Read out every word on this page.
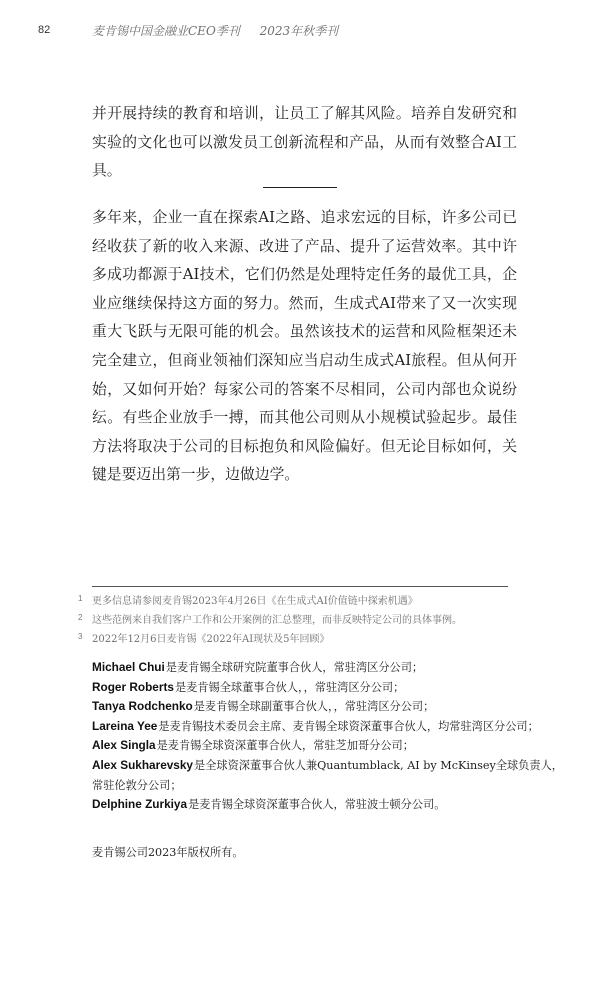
82	麦肯锡中国金融业CEO季刊 2023年秋季刊

并开展持续的教育和培训，让员工了解其风险。培养自发研究和实验的文化也可以激发员工创新流程和产品，从而有效整合AI工具。

多年来，企业一直在探索AI之路、追求宏远的目标，许多公司已经收获了新的收入来源、改进了产品、提升了运营效率。其中许多成功都源于AI技术，它们仍然是处理特定任务的最优工具，企业应继续保持这方面的努力。然而，生成式AI带来了又一次实现重大飞跃与无限可能的机会。虽然该技术的运营和风险框架还未完全建立，但商业领袖们深知应当启动生成式AI旅程。但从何开始，又如何开始？每家公司的答案不尽相同，公司内部也众说纷纭。有些企业放手一搏，而其他公司则从小规模试验起步。最佳方法将取决于公司的目标抱负和风险偏好。但无论目标如何，关键是要迈出第一步，边做边学。

1 更多信息请参阅麦肯锡2023年4月26日《在生成式AI价值链中探索机遇》
2 这些范例来自我们客户工作和公开案例的汇总整理，而非反映特定公司的具体事例。
3 2022年12月6日麦肯锡《2022年AI现状及5年回顾》
Michael Chui是麦肯锡全球研究院董事合伙人，常驻湾区分公司；
Roger Roberts是麦肯锡全球董事合伙人，，常驻湾区分公司；
Tanya Rodchenko是麦肯锡全球副董事合伙人，，常驻湾区分公司；
Lareina Yee是麦肯锡技术委员会主席、麦肯锡全球资深董事合伙人，均常驻湾区分公司；
Alex Singla是麦肯锡全球资深董事合伙人，常驻芝加哥分公司；
Alex Sukharevsky是全球资深董事合伙人兼Quantumblack, AI by McKinsey全球负责人，
常驻伦敦分公司；
Delphine Zurkiya是麦肯锡全球资深董事合伙人，常驻波士顿分公司。
麦肯锡公司2023年版权所有。
